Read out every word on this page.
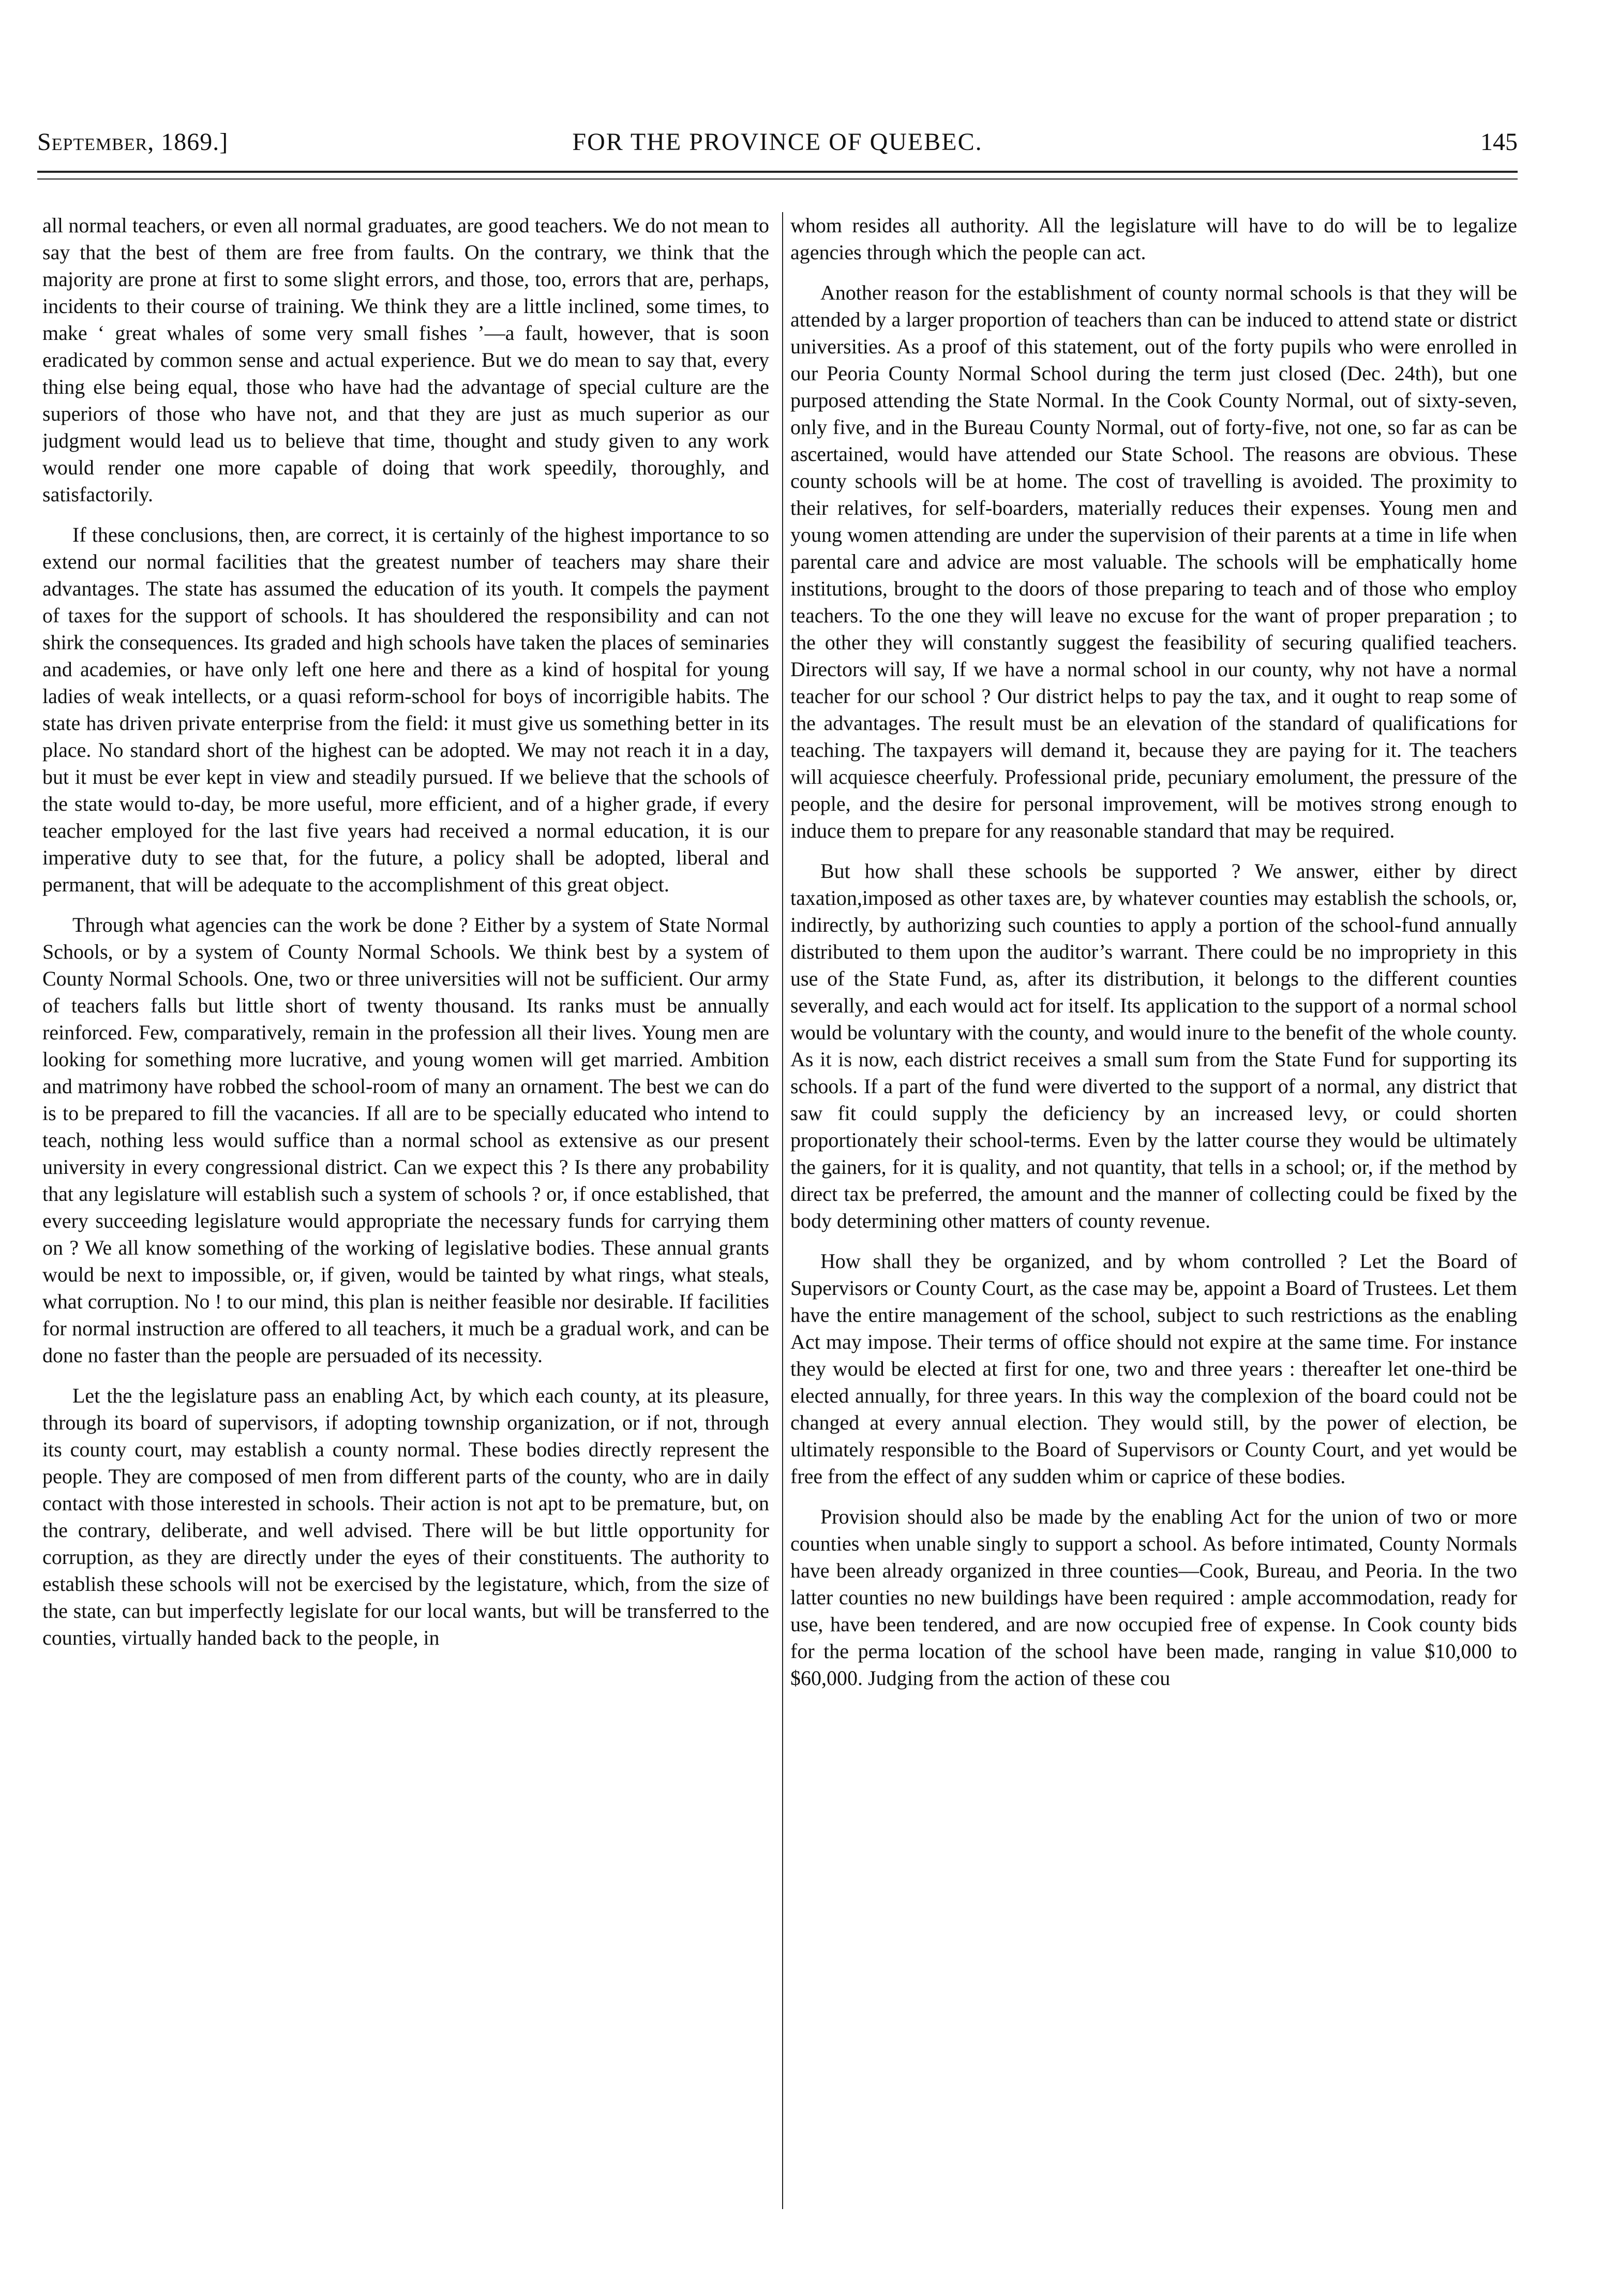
September, 1869.]	FOR THE PROVINCE OF QUEBEC.	145

all normal teachers, or even all normal graduates, are good teachers. We do not mean to say that the best of them are free from faults. On the contrary, we think that the majority are prone at first to some slight errors, and those, too, errors that are, perhaps, incidents to their course of training. We think they are a little inclined, some times, to make ‘ great whales of some very small fishes ’—a fault, however, that is soon eradicated by common sense and actual experience. But we do mean to say that, every thing else being equal, those who have had the advantage of special culture are the superiors of those who have not, and that they are just as much superior as our judgment would lead us to believe that time, thought and study given to any work would render one more capable of doing that work speedily, thoroughly, and satisfactorily.

If these conclusions, then, are correct, it is certainly of the highest importance to so extend our normal facilities that the greatest number of teachers may share their advantages. The state has assumed the education of its youth. It compels the payment of taxes for the support of schools. It has shouldered the responsibility and can not shirk the consequences. Its graded and high schools have taken the places of seminaries and academies, or have only left one here and there as a kind of hospital for young ladies of weak intellects, or a quasi reform-school for boys of incorrigible habits. The state has driven private enterprise from the field: it must give us something better in its place. No standard short of the highest can be adopted. We may not reach it in a day, but it must be ever kept in view and steadily pursued. If we believe that the schools of the state would to-day, be more useful, more efficient, and of a higher grade, if every teacher employed for the last five years had received a normal education, it is our imperative duty to see that, for the future, a policy shall be adopted, liberal and permanent, that will be adequate to the accomplishment of this great object.

Through what agencies can the work be done ? Either by a system of State Normal Schools, or by a system of County Normal Schools. We think best by a system of County Normal Schools. One, two or three universities will not be sufficient. Our army of teachers falls but little short of twenty thousand. Its ranks must be annually reinforced. Few, comparatively, remain in the profession all their lives. Young men are looking for something more lucrative, and young women will get married. Ambition and matrimony have robbed the school-room of many an ornament. The best we can do is to be prepared to fill the vacancies. If all are to be specially educated who intend to teach, nothing less would suffice than a normal school as extensive as our present university in every congressional district. Can we expect this ? Is there any probability that any legislature will establish such a system of schools ? or, if once established, that every succeeding legislature would appropriate the necessary funds for carrying them on ? We all know something of the working of legislative bodies. These annual grants would be next to impossible, or, if given, would be tainted by what rings, what steals, what corruption. No ! to our mind, this plan is neither feasible nor desirable. If facilities for normal instruction are offered to all teachers, it much be a gradual work, and can be done no faster than the people are persuaded of its necessity.

Let the the legislature pass an enabling Act, by which each county, at its pleasure, through its board of supervisors, if adopting township organization, or if not, through its county court, may establish a county normal. These bodies directly represent the people. They are composed of men from different parts of the county, who are in daily contact with those interested in schools. Their action is not apt to be premature, but, on the contrary, deliberate, and well advised. There will be but little opportunity for corruption, as they are directly under the eyes of their constituents. The authority to establish these schools will not be exercised by the legistature, which, from the size of the state, can but imperfectly legislate for our local wants, but will be transferred to the counties, virtually handed back to the people, in

whom resides all authority. All the legislature will have to do will be to legalize agencies through which the people can act.

Another reason for the establishment of county normal schools is that they will be attended by a larger proportion of teachers than can be induced to attend state or district universities. As a proof of this statement, out of the forty pupils who were enrolled in our Peoria County Normal School during the term just closed (Dec. 24th), but one purposed attending the State Normal. In the Cook County Normal, out of sixty-seven, only five, and in the Bureau County Normal, out of forty-five, not one, so far as can be ascertained, would have attended our State School. The reasons are obvious. These county schools will be at home. The cost of travelling is avoided. The proximity to their relatives, for self-boarders, materially reduces their expenses. Young men and young women attending are under the supervision of their parents at a time in life when parental care and advice are most valuable. The schools will be emphatically home institutions, brought to the doors of those preparing to teach and of those who employ teachers. To the one they will leave no excuse for the want of proper preparation ; to the other they will constantly suggest the feasibility of securing qualified teachers. Directors will say, If we have a normal school in our county, why not have a normal teacher for our school ? Our district helps to pay the tax, and it ought to reap some of the advantages. The result must be an elevation of the standard of qualifications for teaching. The taxpayers will demand it, because they are paying for it. The teachers will acquiesce cheerfuly. Professional pride, pecuniary emolument, the pressure of the people, and the desire for personal improvement, will be motives strong enough to induce them to prepare for any reasonable standard that may be required.

But how shall these schools be supported ? We answer, either by direct taxation,imposed as other taxes are, by whatever counties may establish the schools, or, indirectly, by authorizing such counties to apply a portion of the school-fund annually distributed to them upon the auditor’s warrant. There could be no impropriety in this use of the State Fund, as, after its distribution, it belongs to the different counties severally, and each would act for itself. Its application to the support of a normal school would be voluntary with the county, and would inure to the benefit of the whole county. As it is now, each district receives a small sum from the State Fund for supporting its schools. If a part of the fund were diverted to the support of a normal, any district that saw fit could supply the deficiency by an increased levy, or could shorten proportionately their school-terms. Even by the latter course they would be ultimately the gainers, for it is quality, and not quantity, that tells in a school; or, if the method by direct tax be preferred, the amount and the manner of collecting could be fixed by the body determining other matters of county revenue.

How shall they be organized, and by whom controlled ? Let the Board of Supervisors or County Court, as the case may be, appoint a Board of Trustees. Let them have the entire management of the school, subject to such restrictions as the enabling Act may impose. Their terms of office should not expire at the same time. For instance they would be elected at first for one, two and three years : thereafter let one-third be elected annually, for three years. In this way the complexion of the board could not be changed at every annual election. They would still, by the power of election, be ultimately responsible to the Board of Supervisors or County Court, and yet would be free from the effect of any sudden whim or caprice of these bodies.

Provision should also be made by the enabling Act for the union of two or more counties when unable singly to support a school. As before intimated, County Normals have been already organized in three counties—Cook, Bureau, and Peoria. In the two latter counties no new buildings have been required : ample accommodation, ready for use, have been tendered, and are now occupied free of expense. In Cook county bids for the perma location of the school have been made, ranging in value $10,000 to $60,000. Judging from the action of these cou
